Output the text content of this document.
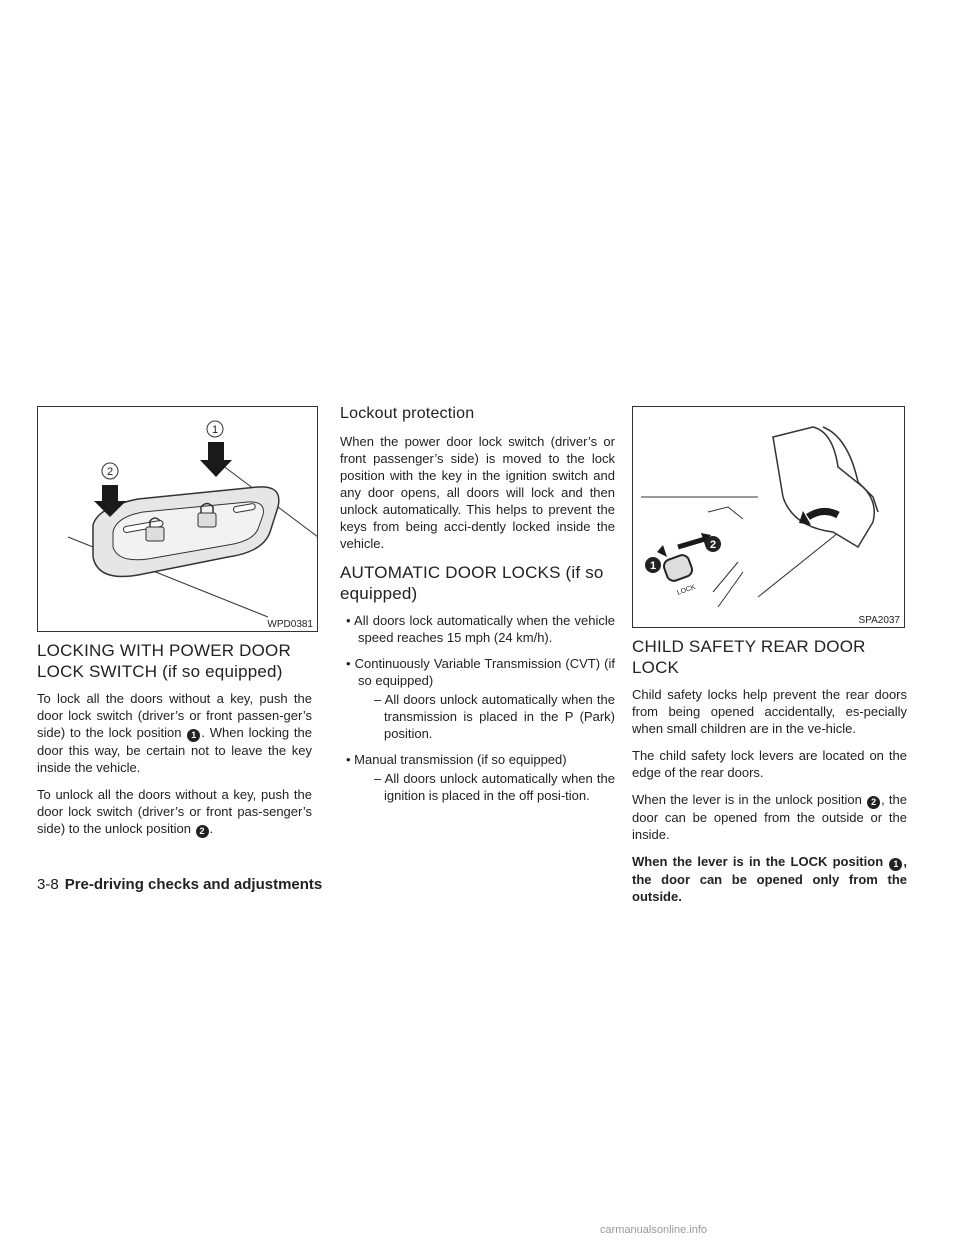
1
2
WPD0381
LOCKING WITH POWER DOOR LOCK SWITCH (if so equipped)

To lock all the doors without a key, push the door lock switch (driver’s or front passen-ger’s side) to the lock position 1 . When locking the door this way, be certain not to leave the key inside the vehicle.

To unlock all the doors without a key, push the door lock switch (driver’s or front pas-senger’s side) to the unlock position 2 .

Lockout protection

When the power door lock switch (driver’s or front passenger’s side) is moved to the lock position with the key in the ignition switch and any door opens, all doors will lock and then unlock automatically. This helps to prevent the keys from being acci-dently locked inside the vehicle.

AUTOMATIC DOOR LOCKS (if so equipped)
• All doors lock automatically when the vehicle speed reaches 15 mph (24 km/h).
• Continuously Variable Transmission (CVT) (if so equipped)
– All doors unlock automatically when the transmission is placed in the P (Park) position.
• Manual transmission (if so equipped)
– All doors unlock automatically when the ignition is placed in the off posi-tion.
1
2
LOCK
SPA2037
CHILD SAFETY REAR DOOR LOCK

Child safety locks help prevent the rear doors from being opened accidentally, es-pecially when small children are in the ve-hicle.

The child safety lock levers are located on the edge of the rear doors.

When the lever is in the unlock position 2 , the door can be opened from the outside or the inside.

When the lever is in the LOCK position 1 , the door can be opened only from the outside.

3-8 Pre-driving checks and adjustments
carmanualsonline.info
